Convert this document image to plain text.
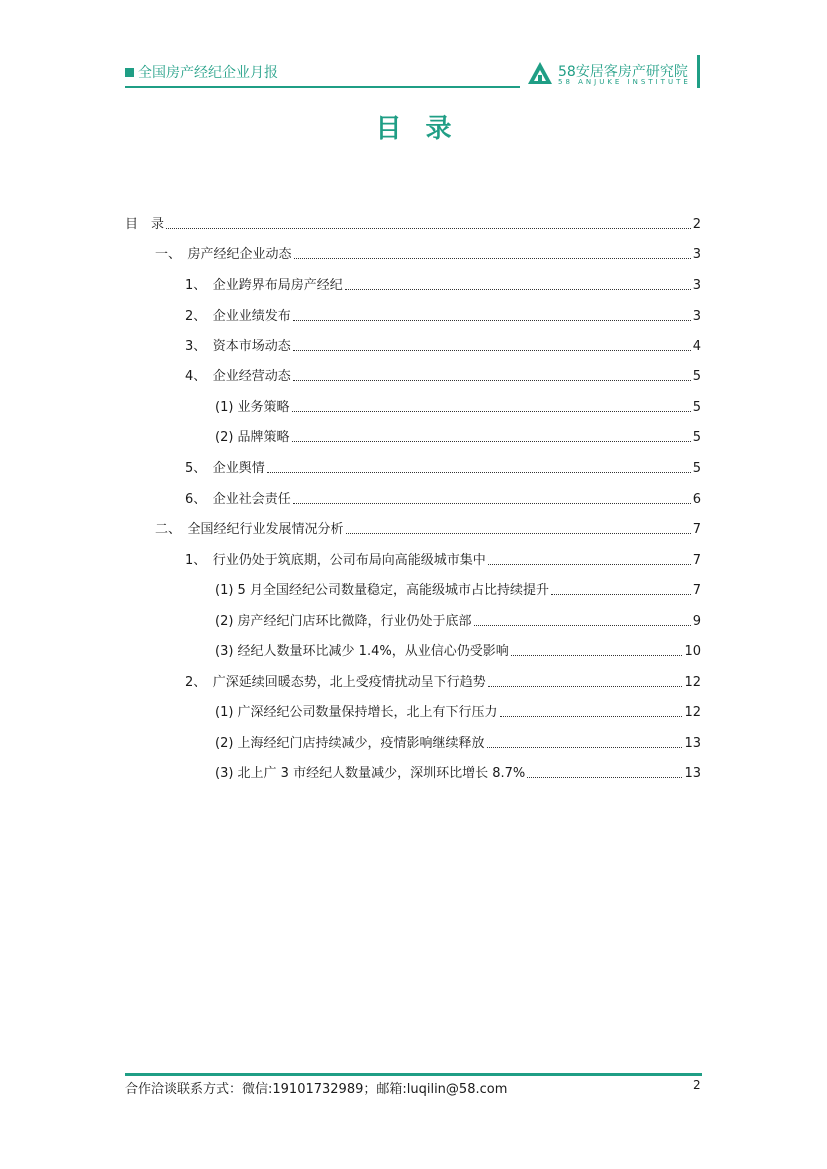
全国房产经纪企业月报	58安居客房产研究院
58 ANJUKE INSTITUTE
目录
目　录	2
一、　房产经纪企业动态	3
1、　企业跨界布局房产经纪	3
2、　企业业绩发布	3
3、　资本市场动态	4
4、　企业经营动态	5
(1) 业务策略	5
(2) 品牌策略	5
5、　企业舆情	5
6、　企业社会责任	6
二、　全国经纪行业发展情况分析	7
1、　行业仍处于筑底期，公司布局向高能级城市集中	7
(1) 5 月全国经纪公司数量稳定，高能级城市占比持续提升	7
(2) 房产经纪门店环比微降，行业仍处于底部	9
(3) 经纪人数量环比减少 1.4%，从业信心仍受影响	10
2、　广深延续回暖态势，北上受疫情扰动呈下行趋势	12
(1) 广深经纪公司数量保持增长，北上有下行压力	12
(2) 上海经纪门店持续减少，疫情影响继续释放	13
(3) 北上广 3 市经纪人数量减少，深圳环比增长 8.7%	13
合作洽谈联系方式：微信:19101732989；邮箱:luqilin@58.com	2
